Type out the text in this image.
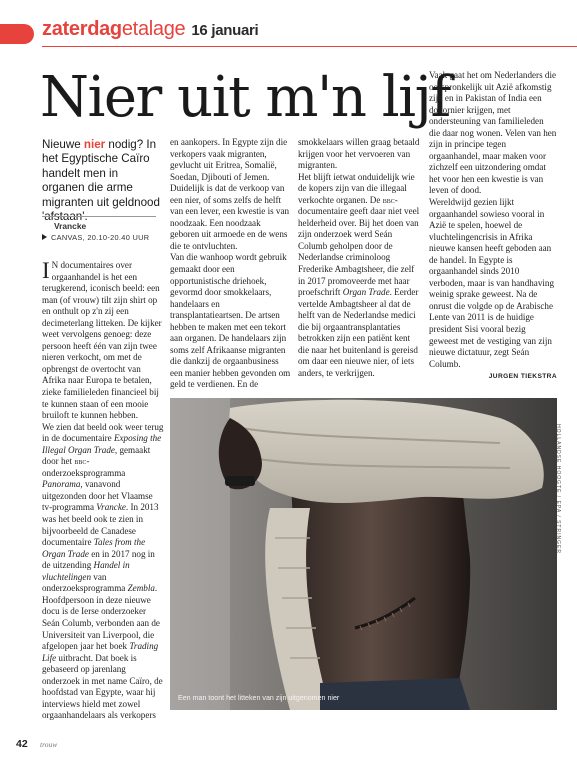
zaterdagetalage 16 januari
Nier uit m'n lijf
Nieuwe nier nodig? In het Egyptische Caïro handelt men in organen die arme migranten uit geldnood 'afstaan'.
Vrancke
CANVAS, 20.10-20.40 UUR

I N documentaires over orgaanhandel is het een terugkerend, iconisch beeld: een man (of vrouw) tilt zijn shirt op en onthult op z'n zij een decimeterlang litteken. De kijker weet vervolgens genoeg: deze persoon heeft één van zijn twee nieren verkocht, om met de opbrengst de overtocht van Afrika naar Europa te betalen, zieke familieleden financieel bij te kunnen staan of een mooie bruiloft te kunnen hebben.

We zien dat beeld ook weer terug in de documentaire Exposing the Illegal Organ Trade, gemaakt door het bbc-onderzoeksprogramma Panorama, vanavond uitgezonden door het Vlaamse tv-programma Vrancke. In 2013 was het beeld ook te zien in bijvoorbeeld de Canadese documentaire Tales from the Organ Trade en in 2017 nog in de uitzending Handel in vluchtelingen van onderzoeksprogramma Zembla.

Hoofdpersoon in deze nieuwe docu is de Ierse onderzoeker Seán Columb, verbonden aan de Universiteit van Liverpool, die afgelopen jaar het boek Trading Life uitbracht. Dat boek is gebaseerd op jarenlang onderzoek in met name Caïro, de hoofdstad van Egypte, waar hij interviews hield met zowel orgaanhandelaars als verkopers

en aankopers. In Egypte zijn die verkopers vaak migranten, gevlucht uit Eritrea, Somalië, Soedan, Djibouti of Jemen. Duidelijk is dat de verkoop van een nier, of soms zelfs de helft van een lever, een kwestie is van noodzaak. Een noodzaak geboren uit armoede en de wens die te ontvluchten.
Van die wanhoop wordt gebruik gemaakt door een opportunistische driehoek, gevormd door smokkelaars, handelaars en transplantatieartsen. De artsen hebben te maken met een tekort aan organen. De handelaars zijn soms zelf Afrikaanse migranten die dankzij de orgaanbusiness een manier hebben gevonden om geld te verdienen. En de
smokkelaars willen graag betaald krijgen voor het vervoeren van migranten.
Het blijft ietwat onduidelijk wie de kopers zijn van die illegaal verkochte organen. De bbc-documentaire geeft daar niet veel helderheid over. Bij het doen van zijn onderzoek werd Seán Columb geholpen door de Nederlandse criminoloog Frederike Ambagtsheer, die zelf in 2017 promoveerde met haar proefschrift Organ Trade. Eerder vertelde Ambagtsheer al dat de helft van de Nederlandse medici die bij orgaantransplantaties betrokken zijn een patiënt kent die naar het buitenland is gereisd om daar een nieuwe nier, of iets anders, te verkrijgen.

Vaak gaat het om Nederlanders die oorspronkelijk uit Azië afkomstig zijn en in Pakistan of India een donornier krijgen, met ondersteuning van familieleden die daar nog wonen. Velen van hen zijn in principe tegen orgaanhandel, maar maken voor zichzelf een uitzondering omdat het voor hen een kwestie is van leven of dood.

Wereldwijd gezien lijkt orgaanhandel sowieso vooral in Azië te spelen, hoewel de vluchtelingencrisis in Afrika nieuwe kansen heeft geboden aan de handel. In Egypte is orgaanhandel sinds 2010 verboden, maar is van handhaving weinig sprake geweest. Na de onrust die volgde op de Arabische Lente van 2011 is de huidige president Sisi vooral bezig geweest met de vestiging van zijn nieuwe dictatuur, zegt Seán Columb.

JURGEN TIEKSTRA
Een man toont het litteken van zijn uitgenomen nier
HOLLANDSE HOOGTE / EPA / STRINGER
42 trouw
